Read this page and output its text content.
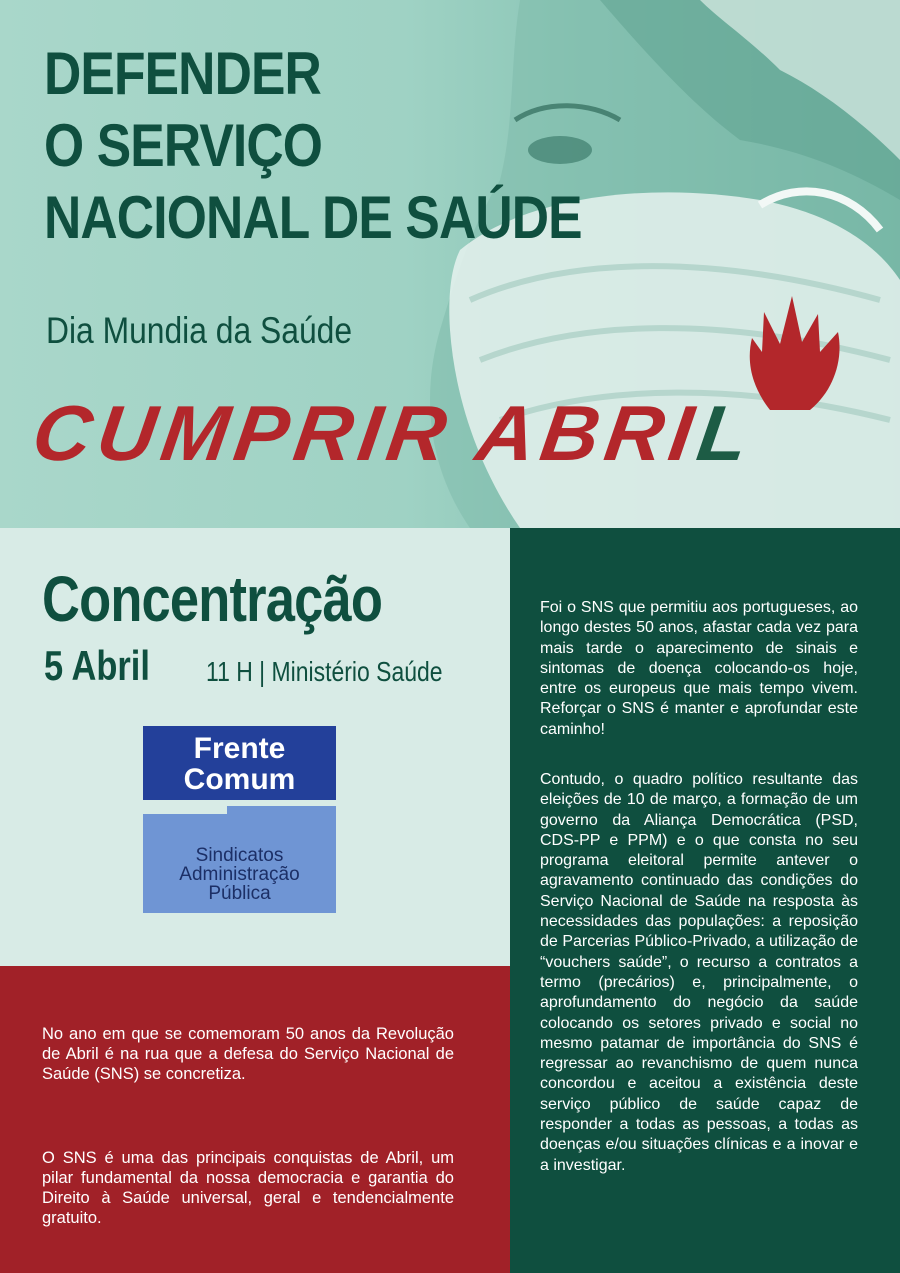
DEFENDER
O SERVIÇO
NACIONAL DE SAÚDE
Dia Mundia da Saúde
CUMPRIR ABRIL
Concentração
5 Abril 11 H | Ministério Saúde
Frente
Comum
Sindicatos
Administração
Pública

No ano em que se comemoram 50 anos da Revolução de Abril é na rua que a defesa do Serviço Nacional de Saúde (SNS) se concretiza.

O SNS é uma das principais conquistas de Abril, um pilar fundamental da nossa democracia e garantia do Direito à Saúde universal, geral e tendencialmente gratuito.

Foi o SNS que permitiu aos portugueses, ao longo destes 50 anos, afastar cada vez para mais tarde o aparecimento de sinais e sintomas de doença colocando-os hoje, entre os europeus que mais tempo vivem. Reforçar o SNS é manter e aprofundar este caminho!

Contudo, o quadro político resultante das eleições de 10 de março, a formação de um governo da Aliança Democrática (PSD, CDS-PP e PPM) e o que consta no seu programa eleitoral permite antever o agravamento continuado das condições do Serviço Nacional de Saúde na resposta às necessidades das populações: a reposição de Parcerias Público-Privado, a utilização de “vouchers saúde”, o recurso a contratos a termo (precários) e, principalmente, o aprofundamento do negócio da saúde colocando os setores privado e social no mesmo patamar de importância do SNS é regressar ao revanchismo de quem nunca concordou e aceitou a existência deste serviço público de saúde capaz de responder a todas as pessoas, a todas as doenças e/ou situações clínicas e a inovar e a investigar.
